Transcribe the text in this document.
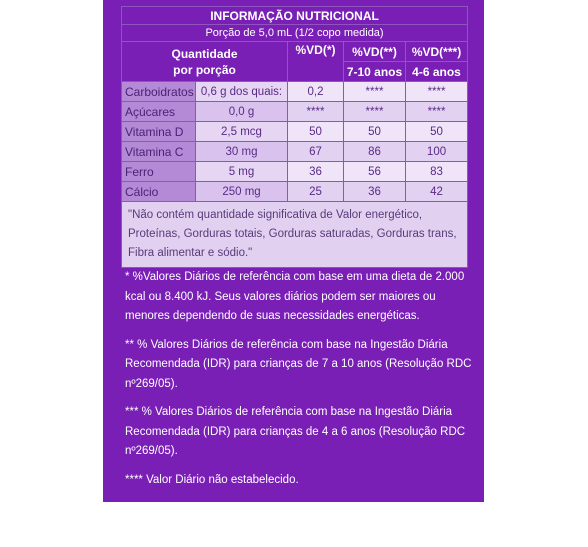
INFORMAÇÃO NUTRICIONAL				
Porção de 5,0 mL (1/2 copo medida)				
Quantidade
por porção		%VD(*)	%VD(**)	%VD(***)
			7-10 anos	4-6 anos
Carboidratos	0,6 g dos quais:	0,2	****	****
Açúcares	0,0 g	****	****	****
Vitamina D	2,5 mcg	50	50	50
Vitamina C	30 mg	67	86	100
Ferro	5 mg	36	56	83
Cálcio	250 mg	25	36	42
"Não contém quantidade significativa de Valor energético, Proteínas, Gorduras totais, Gorduras saturadas, Gorduras trans, Fibra alimentar e sódio."				

* %Valores Diários de referência com base em uma dieta de 2.000 kcal ou 8.400 kJ. Seus valores diários podem ser maiores ou menores dependendo de suas necessidades energéticas.

** % Valores Diários de referência com base na Ingestão Diária Recomendada (IDR) para crianças de 7 a 10 anos (Resolução RDC nº269/05).

*** % Valores Diários de referência com base na Ingestão Diária Recomendada (IDR) para crianças de 4 a 6 anos (Resolução RDC nº269/05).

**** Valor Diário não estabelecido.

Registro no Ministério da Saúde: dispensado da obrigatoriedade de registro conforme Resolução RDC nº27/10.
